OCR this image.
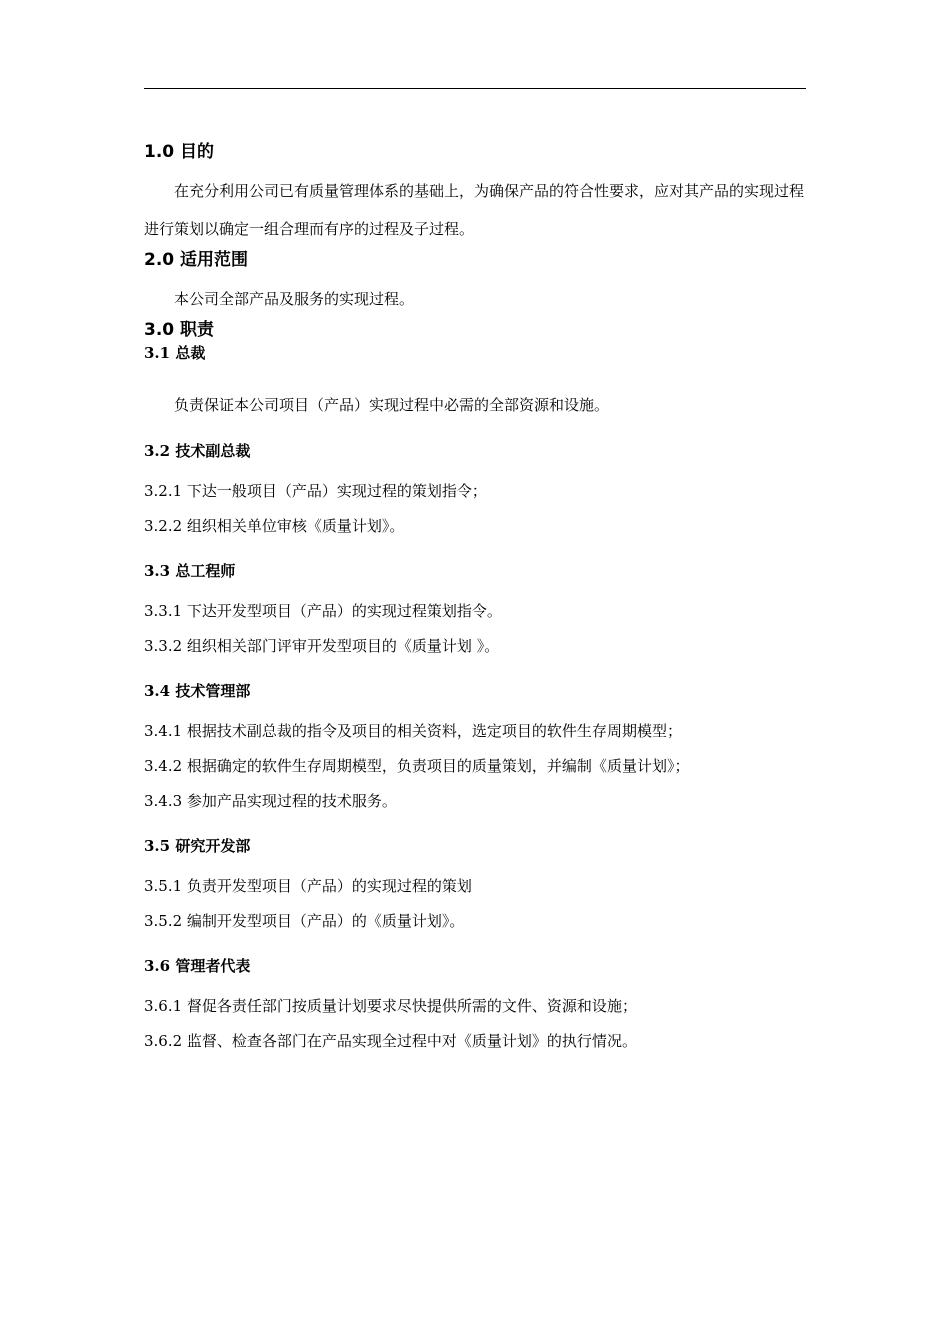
1.0 目的

在充分利用公司已有质量管理体系的基础上，为确保产品的符合性要求，应对其产品的实现过程进行策划以确定一组合理而有序的过程及子过程。

2.0 适用范围

本公司全部产品及服务的实现过程。

3.0 职责
3.1 总裁

负责保证本公司项目（产品）实现过程中必需的全部资源和设施。

3.2 技术副总裁

3.2.1 下达一般项目（产品）实现过程的策划指令；

3.2.2 组织相关单位审核《质量计划》。

3.3 总工程师

3.3.1 下达开发型项目（产品）的实现过程策划指令。

3.3.2 组织相关部门评审开发型项目的《质量计划 》。

3.4 技术管理部

3.4.1 根据技术副总裁的指令及项目的相关资料，选定项目的软件生存周期模型；

3.4.2 根据确定的软件生存周期模型，负责项目的质量策划，并编制《质量计划》；

3.4.3 参加产品实现过程的技术服务。

3.5 研究开发部

3.5.1 负责开发型项目（产品）的实现过程的策划

3.5.2 编制开发型项目（产品）的《质量计划》。

3.6 管理者代表

3.6.1 督促各责任部门按质量计划要求尽快提供所需的文件、资源和设施；

3.6.2 监督、检查各部门在产品实现全过程中对《质量计划》的执行情况。
